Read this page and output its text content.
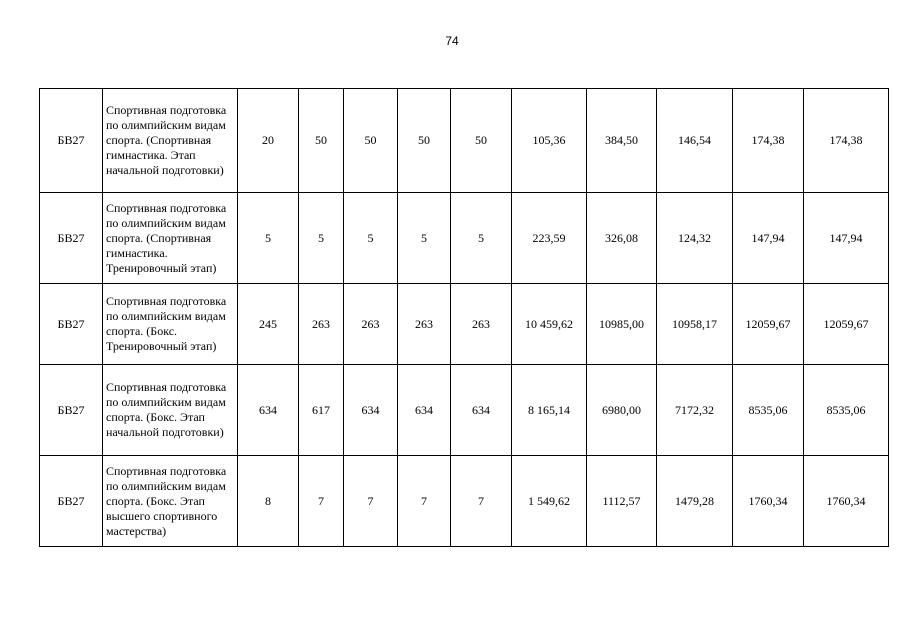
74
БВ27	Спортивная подготовка по олимпийским видам спорта. (Спортивная гимнастика. Этап начальной подготовки)	20	50	50	50	50	105,36	384,50	146,54	174,38	174,38
БВ27	Спортивная подготовка по олимпийским видам спорта. (Спортивная гимнастика. Тренировочный этап)	5	5	5	5	5	223,59	326,08	124,32	147,94	147,94
БВ27	Спортивная подготовка по олимпийским видам спорта. (Бокс. Тренировочный этап)	245	263	263	263	263	10 459,62	10985,00	10958,17	12059,67	12059,67
БВ27	Спортивная подготовка по олимпийским видам спорта. (Бокс. Этап начальной подготовки)	634	617	634	634	634	8 165,14	6980,00	7172,32	8535,06	8535,06
БВ27	Спортивная подготовка по олимпийским видам спорта. (Бокс. Этап высшего спортивного мастерства)	8	7	7	7	7	1 549,62	1112,57	1479,28	1760,34	1760,34
